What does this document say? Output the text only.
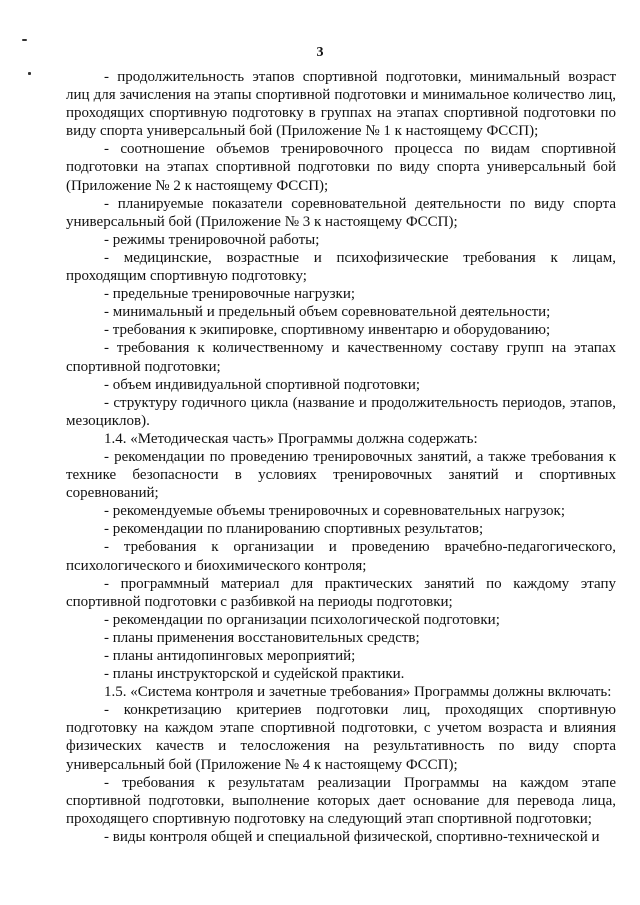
3

- продолжительность этапов спортивной подготовки, минимальный возраст лиц для зачисления на этапы спортивной подготовки и минимальное количество лиц, проходящих спортивную подготовку в группах на этапах спортивной подготовки по виду спорта универсальный бой (Приложение № 1 к настоящему ФССП);

- соотношение объемов тренировочного процесса по видам спортивной подготовки на этапах спортивной подготовки по виду спорта универсальный бой (Приложение № 2 к настоящему ФССП);

- планируемые показатели соревновательной деятельности по виду спорта универсальный бой (Приложение № 3 к настоящему ФССП);

- режимы тренировочной работы;

- медицинские, возрастные и психофизические требования к лицам, проходящим спортивную подготовку;

- предельные тренировочные нагрузки;

- минимальный и предельный объем соревновательной деятельности;

- требования к экипировке, спортивному инвентарю и оборудованию;

- требования к количественному и качественному составу групп на этапах спортивной подготовки;

- объем индивидуальной спортивной подготовки;

- структуру годичного цикла (название и продолжительность периодов, этапов, мезоциклов).

1.4. «Методическая часть» Программы должна содержать:

- рекомендации по проведению тренировочных занятий, а также требования к технике безопасности в условиях тренировочных занятий и спортивных соревнований;

- рекомендуемые объемы тренировочных и соревновательных нагрузок;

- рекомендации по планированию спортивных результатов;

- требования к организации и проведению врачебно-педагогического, психологического и биохимического контроля;

- программный материал для практических занятий по каждому этапу спортивной подготовки с разбивкой на периоды подготовки;

- рекомендации по организации психологической подготовки;

- планы применения восстановительных средств;

- планы антидопинговых мероприятий;

- планы инструкторской и судейской практики.

1.5. «Система контроля и зачетные требования» Программы должны включать:

- конкретизацию критериев подготовки лиц, проходящих спортивную подготовку на каждом этапе спортивной подготовки, с учетом возраста и влияния физических качеств и телосложения на результативность по виду спорта универсальный бой (Приложение № 4 к настоящему ФССП);

- требования к результатам реализации Программы на каждом этапе спортивной подготовки, выполнение которых дает основание для перевода лица, проходящего спортивную подготовку на следующий этап спортивной подготовки;

- виды контроля общей и специальной физической, спортивно-технической и
